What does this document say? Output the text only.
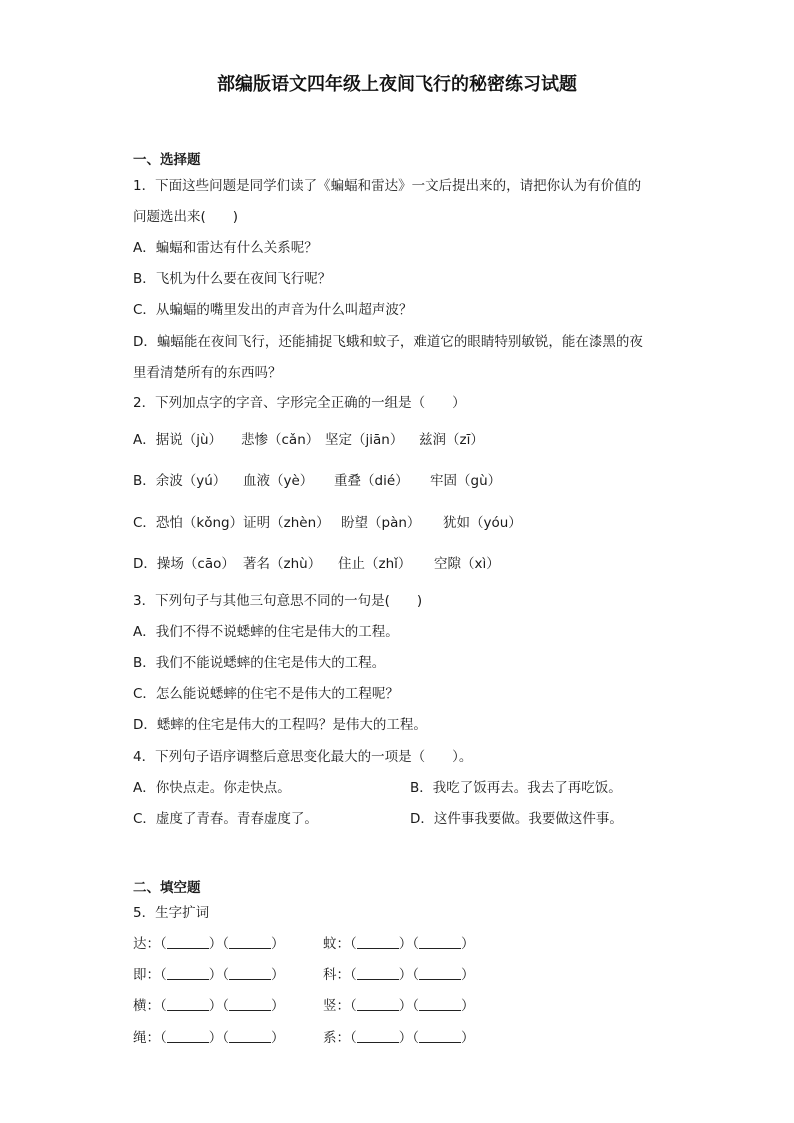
部编版语文四年级上夜间飞行的秘密练习试题
一、选择题
1．下面这些问题是同学们读了《蝙蝠和雷达》一文后提出来的，请把你认为有价值的
问题选出来(　　)
A．蝙蝠和雷达有什么关系呢？
B．飞机为什么要在夜间飞行呢？
C．从蝙蝠的嘴里发出的声音为什么叫超声波？
D．蝙蝠能在夜间飞行，还能捕捉飞蛾和蚊子，难道它的眼睛特别敏锐，能在漆黑的夜
里看清楚所有的东西吗？
2．下列加点字的字音、字形完全正确的一组是（　　）
A．据说（jù） 悲惨（cǎn） 坚定（jiān） 兹润（zī）
B．余波（yú） 血液（yè） 重叠（dié） 牢固（gù）
C．恐怕（kǒng）证明（zhèn） 盼望（pàn） 犹如（yóu）
D．操场（cāo） 著名（zhù） 住止（zhǐ） 空隙（xì）
3．下列句子与其他三句意思不同的一句是(　　)
A．我们不得不说蟋蟀的住宅是伟大的工程。
B．我们不能说蟋蟀的住宅是伟大的工程。
C．怎么能说蟋蟀的住宅不是伟大的工程呢？
D．蟋蟀的住宅是伟大的工程吗？是伟大的工程。
4．下列句子语序调整后意思变化最大的一项是（　　）。
A．你快点走。你走快点。	B．我吃了饭再去。我去了再吃饭。
C．虚度了青春。青春虚度了。	D．这件事我要做。我要做这件事。
二、填空题
5．生字扩词
达：（	）（	）	蚊：（	）（	）
即：（	）（	）	科：（	）（	）
横：（	）（	）	竖：（	）（	）
绳：（	）（	）	系：（	）（	）
